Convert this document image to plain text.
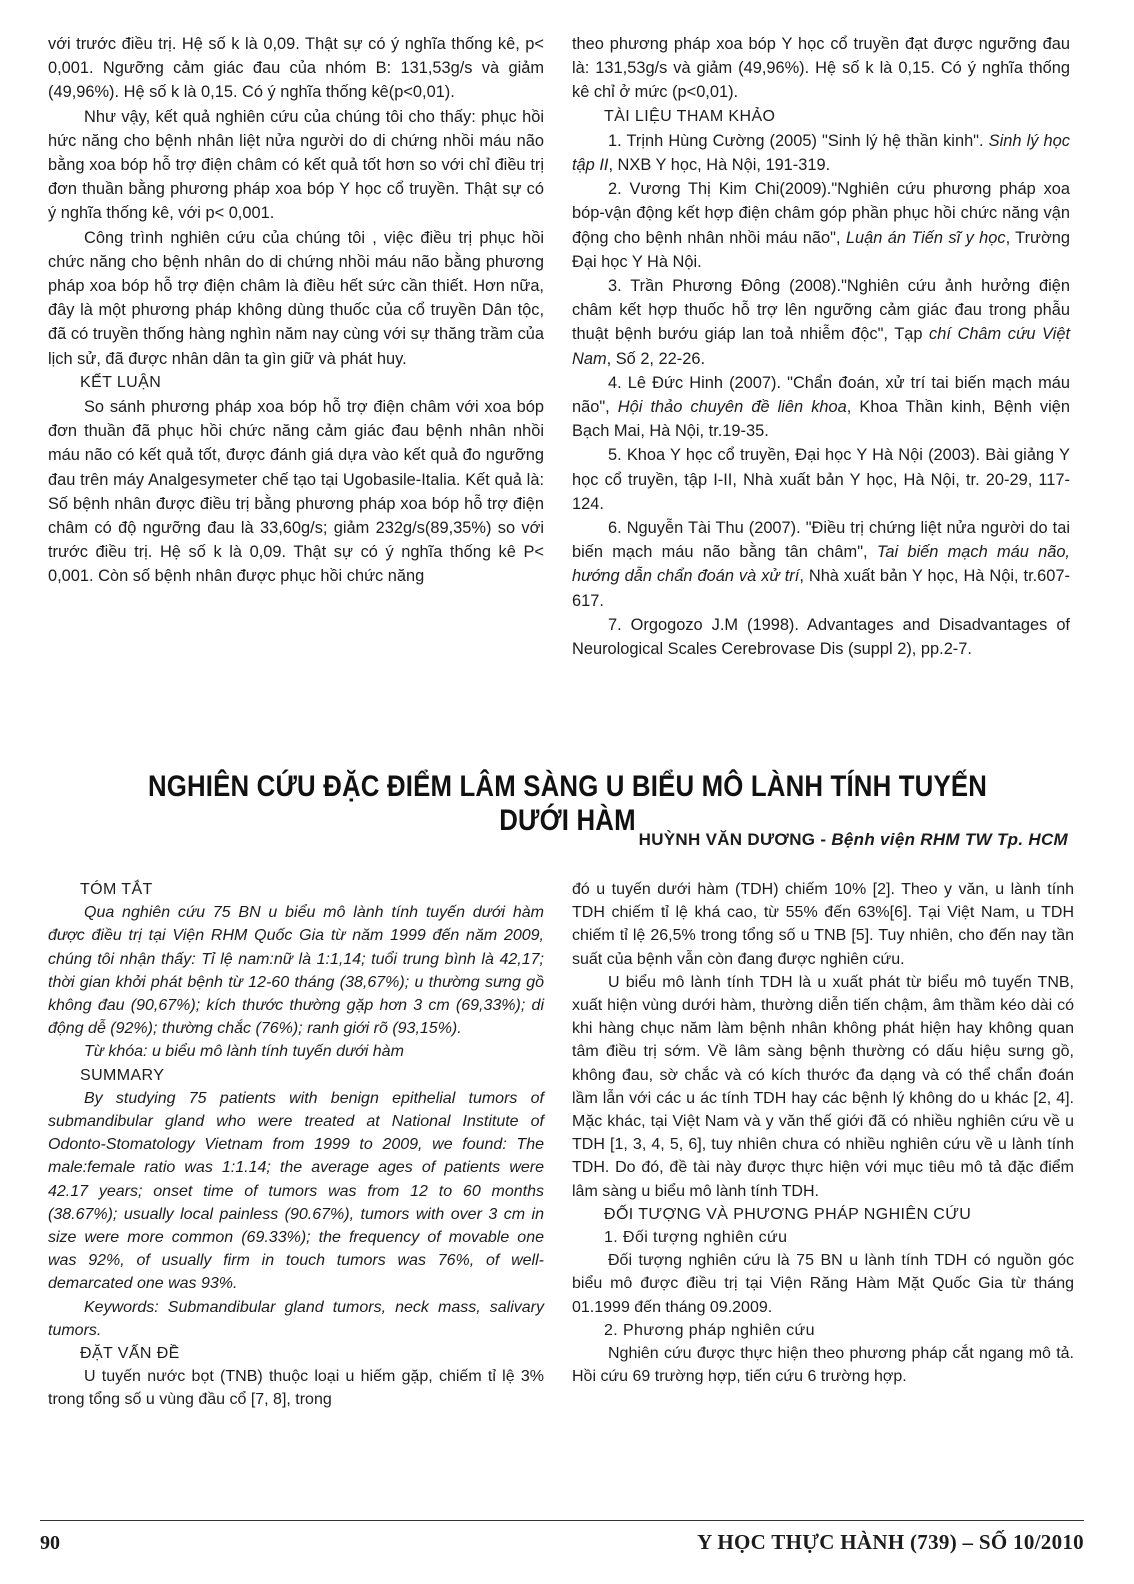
với trước điều trị. Hệ số k là 0,09. Thật sự có ý nghĩa thống kê, p< 0,001. Ngưỡng cảm giác đau của nhóm B: 131,53g/s và giảm (49,96%). Hệ số k là 0,15. Có ý nghĩa thống kê(p<0,01).

Như vậy, kết quả nghiên cứu của chúng tôi cho thấy: phục hồi hức năng cho bệnh nhân liệt nửa người do di chứng nhồi máu não bằng xoa bóp hỗ trợ điện châm có kết quả tốt hơn so với chỉ điều trị đơn thuần bằng phương pháp xoa bóp Y học cổ truyền. Thật sự có ý nghĩa thống kê, với p< 0,001.

Công trình nghiên cứu của chúng tôi , việc điều trị phục hồi chức năng cho bệnh nhân do di chứng nhồi máu não bằng phương pháp xoa bóp hỗ trợ điện châm là điều hết sức cần thiết. Hơn nữa, đây là một phương pháp không dùng thuốc của cổ truyền Dân tộc, đã có truyền thống hàng nghìn năm nay cùng với sự thăng trầm của lịch sử, đã được nhân dân ta gìn giữ và phát huy.

KẾT LUẬN

So sánh phương pháp xoa bóp hỗ trợ điện châm với xoa bóp đơn thuần đã phục hồi chức năng cảm giác đau bệnh nhân nhồi máu não có kết quả tốt, được đánh giá dựa vào kết quả đo ngưỡng đau trên máy Analgesymeter chế tạo tại Ugobasile-Italia. Kết quả là: Số bệnh nhân được điều trị bằng phương pháp xoa bóp hỗ trợ điện châm có độ ngưỡng đau là 33,60g/s; giảm 232g/s(89,35%) so với trước điều trị. Hệ số k là 0,09. Thật sự có ý nghĩa thống kê P< 0,001. Còn số bệnh nhân được phục hồi chức năng

theo phương pháp xoa bóp Y học cổ truyền đạt được ngưỡng đau là: 131,53g/s và giảm (49,96%). Hệ số k là 0,15. Có ý nghĩa thống kê chỉ ở mức (p<0,01).

TÀI LIỆU THAM KHẢO

1. Trịnh Hùng Cường (2005) "Sinh lý hệ thần kinh". Sinh lý học tập II, NXB Y học, Hà Nội, 191-319.

2. Vương Thị Kim Chi(2009)."Nghiên cứu phương pháp xoa bóp-vận động kết hợp điện châm góp phần phục hồi chức năng vận động cho bệnh nhân nhồi máu não", Luận án Tiến sĩ y học, Trường Đại học Y Hà Nội.

3. Trần Phương Đông (2008)."Nghiên cứu ảnh hưởng điện châm kết hợp thuốc hỗ trợ lên ngưỡng cảm giác đau trong phẫu thuật bệnh bướu giáp lan toả nhiễm độc", Tạp chí Châm cứu Việt Nam, Số 2, 22-26.

4. Lê Đức Hinh (2007). "Chẩn đoán, xử trí tai biến mạch máu não", Hội thảo chuyên đề liên khoa, Khoa Thần kinh, Bệnh viện Bạch Mai, Hà Nội, tr.19-35.

5. Khoa Y học cổ truyền, Đại học Y Hà Nội (2003). Bài giảng Y học cổ truyền, tập I-II, Nhà xuất bản Y học, Hà Nội, tr. 20-29, 117-124.

6. Nguyễn Tài Thu (2007). "Điều trị chứng liệt nửa người do tai biến mạch máu não bằng tân châm", Tai biến mạch máu não, hướng dẫn chẩn đoán và xử trí, Nhà xuất bản Y học, Hà Nội, tr.607-617.

7. Orgogozo J.M (1998). Advantages and Disadvantages of Neurological Scales Cerebrovase Dis (suppl 2), pp.2-7.

NGHIÊN CỨU ĐẶC ĐIỂM LÂM SÀNG U BIỂU MÔ LÀNH TÍNH TUYẾN DƯỚI HÀM
HUỲNH VĂN DƯƠNG - Bệnh viện RHM TW Tp. HCM

TÓM TẮT

Qua nghiên cứu 75 BN u biểu mô lành tính tuyến dưới hàm được điều trị tại Viện RHM Quốc Gia từ năm 1999 đến năm 2009, chúng tôi nhận thấy: Tỉ lệ nam:nữ là 1:1,14; tuổi trung bình là 42,17; thời gian khởi phát bệnh từ 12-60 tháng (38,67%); u thường sưng gồ không đau (90,67%); kích thước thường gặp hơn 3 cm (69,33%); di động dễ (92%); thường chắc (76%); ranh giới rõ (93,15%).

Từ khóa: u biểu mô lành tính tuyến dưới hàm

SUMMARY

By studying 75 patients with benign epithelial tumors of submandibular gland who were treated at National Institute of Odonto-Stomatology Vietnam from 1999 to 2009, we found: The male:female ratio was 1:1.14; the average ages of patients were 42.17 years; onset time of tumors was from 12 to 60 months (38.67%); usually local painless (90.67%), tumors with over 3 cm in size were more common (69.33%); the frequency of movable one was 92%, of usually firm in touch tumors was 76%, of well-demarcated one was 93%.

Keywords: Submandibular gland tumors, neck mass, salivary tumors.

ĐẶT VẤN ĐỀ

U tuyến nước bọt (TNB) thuộc loại u hiếm gặp, chiếm tỉ lệ 3% trong tổng số u vùng đầu cổ [7, 8], trong

đó u tuyến dưới hàm (TDH) chiếm 10% [2]. Theo y văn, u lành tính TDH chiếm tỉ lệ khá cao, từ 55% đến 63%[6]. Tại Việt Nam, u TDH chiếm tỉ lệ 26,5% trong tổng số u TNB [5]. Tuy nhiên, cho đến nay tần suất của bệnh vẫn còn đang được nghiên cứu.

U biểu mô lành tính TDH là u xuất phát từ biểu mô tuyến TNB, xuất hiện vùng dưới hàm, thường diễn tiến chậm, âm thầm kéo dài có khi hàng chục năm làm bệnh nhân không phát hiện hay không quan tâm điều trị sớm. Về lâm sàng bệnh thường có dấu hiệu sưng gồ, không đau, sờ chắc và có kích thước đa dạng và có thể chẩn đoán lầm lẫn với các u ác tính TDH hay các bệnh lý không do u khác [2, 4]. Mặc khác, tại Việt Nam và y văn thế giới đã có nhiều nghiên cứu về u TDH [1, 3, 4, 5, 6], tuy nhiên chưa có nhiều nghiên cứu về u lành tính TDH. Do đó, đề tài này được thực hiện với mục tiêu mô tả đặc điểm lâm sàng u biểu mô lành tính TDH.

ĐỐI TƯỢNG VÀ PHƯƠNG PHÁP NGHIÊN CỨU

1. Đối tượng nghiên cứu

Đối tượng nghiên cứu là 75 BN u lành tính TDH có nguồn góc biểu mô được điều trị tại Viện Răng Hàm Mặt Quốc Gia từ tháng 01.1999 đến tháng 09.2009.

2. Phương pháp nghiên cứu

Nghiên cứu được thực hiện theo phương pháp cắt ngang mô tả. Hồi cứu 69 trường hợp, tiến cứu 6 trường hợp.

90	Y HỌC THỰC HÀNH (739) – SỐ 10/2010
